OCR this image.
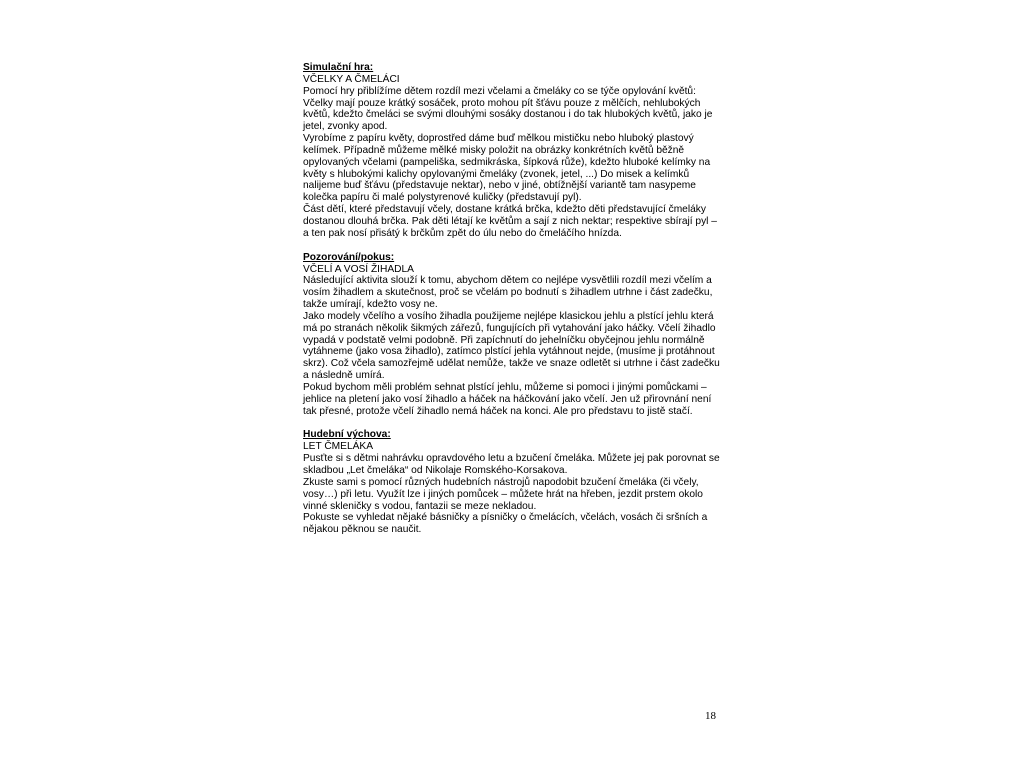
Simulační hra:

VČELKY A ČMELÁCI

Pomocí hry přiblížíme dětem rozdíl mezi včelami a čmeláky co se týče opylování květů: Včelky mají pouze krátký sosáček, proto mohou pít šťávu pouze z mělčích, nehlubokých květů, kdežto čmeláci se svými dlouhými sosáky dostanou i do tak hlubokých květů, jako je jetel, zvonky apod.

Vyrobíme z papíru květy, doprostřed dáme buď mělkou mističku nebo hluboký plastový kelímek. Případně můžeme mělké misky položit na obrázky konkrétních květů běžně opylovaných včelami (pampeliška, sedmikráska, šípková růže), kdežto hluboké kelímky na květy s hlubokými kalichy opylovanými čmeláky (zvonek, jetel, ...) Do misek a kelímků nalijeme buď šťávu (představuje nektar), nebo v jiné, obtížnější variantě tam nasypeme kolečka papíru či malé polystyrenové kuličky (představují pyl).

Část dětí, které představují včely, dostane krátká brčka, kdežto děti představující čmeláky dostanou dlouhá brčka. Pak děti létají ke květům a sají z nich nektar; respektive sbírají pyl – a ten pak nosí přisátý k brčkům zpět do úlu nebo do čmeláčího hnízda.

Pozorování/pokus:

VČELÍ A VOSÍ ŽIHADLA

Následující aktivita slouží k tomu, abychom dětem co nejlépe vysvětlili rozdíl mezi včelím a vosím žihadlem a skutečnost, proč se včelám po bodnutí s žihadlem utrhne i část zadečku, takže umírají, kdežto vosy ne.

Jako modely včelího a vosího žihadla použijeme nejlépe klasickou jehlu a plstící jehlu která má po stranách několik šikmých zářezů, fungujících při vytahování jako háčky. Včelí žihadlo vypadá v podstatě velmi podobně. Při zapíchnutí do jehelníčku obyčejnou jehlu normálně vytáhneme (jako vosa žihadlo), zatímco plstící jehla vytáhnout nejde, (musíme ji protáhnout skrz). Což včela samozřejmě udělat nemůže, takže ve snaze odletět si utrhne i část zadečku a následně umírá.

Pokud bychom měli problém sehnat plstící jehlu, můžeme si pomoci i jinými pomůckami – jehlice na pletení jako vosí žihadlo a háček na háčkování jako včelí. Jen už přirovnání není tak přesné, protože včelí žihadlo nemá háček na konci. Ale pro představu to jistě stačí.

Hudební výchova:

LET ČMELÁKA

Pusťte si s dětmi nahrávku opravdového letu a bzučení čmeláka. Můžete jej pak porovnat se skladbou „Let čmeláka“ od Nikolaje Romského-Korsakova.

Zkuste sami s pomocí různých hudebních nástrojů napodobit bzučení čmeláka (či včely, vosy…) při letu. Využít lze i jiných pomůcek – můžete hrát na hřeben, jezdit prstem okolo vinné skleničky s vodou, fantazii se meze nekladou.

Pokuste se vyhledat nějaké básničky a písničky o čmelácích, včelách, vosách či sršních a nějakou pěknou se naučit.

18
